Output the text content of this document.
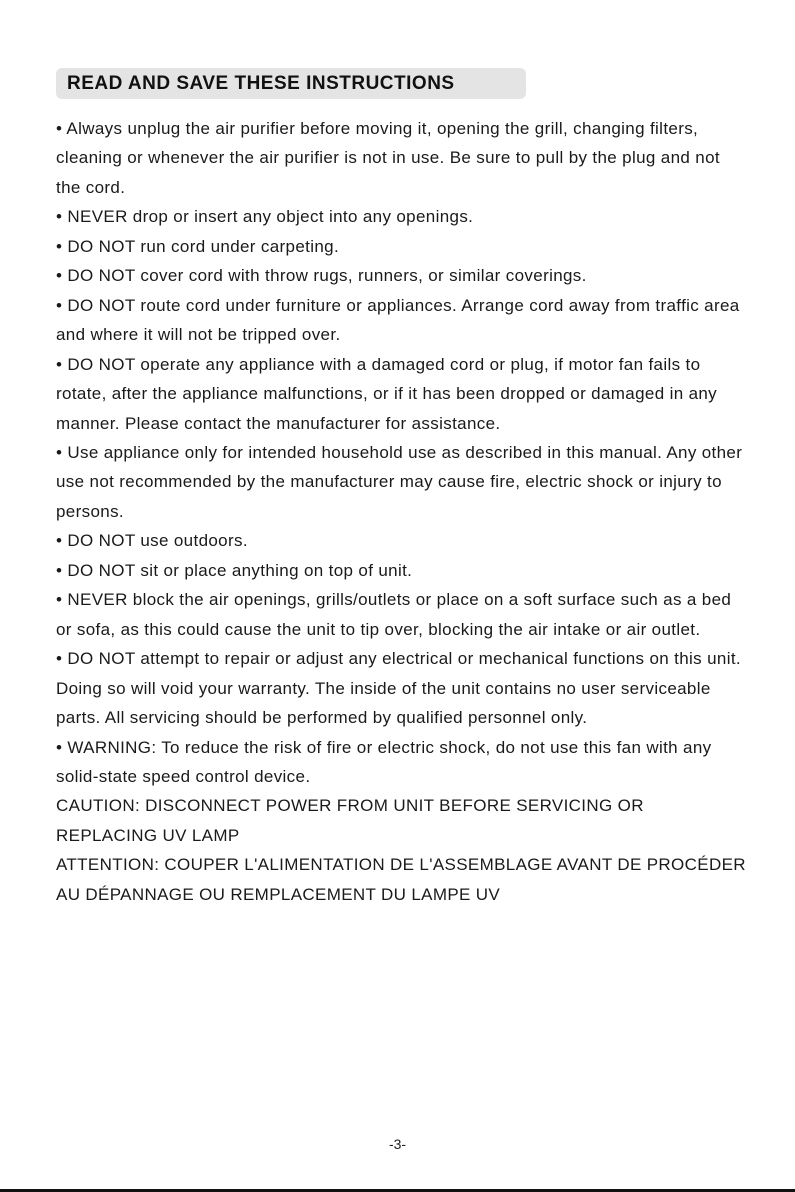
READ AND SAVE THESE INSTRUCTIONS

• Always unplug the air purifier before moving it, opening the grill, changing filters, cleaning or whenever the air purifier is not in use. Be sure to pull by the plug and not the cord.

• NEVER drop or insert any object into any openings.

• DO NOT run cord under carpeting.

• DO NOT cover cord with throw rugs, runners, or similar coverings.

• DO NOT route cord under furniture or appliances. Arrange cord away from traffic area and where it will not be tripped over.

• DO NOT operate any appliance with a damaged cord or plug, if motor fan fails to rotate, after the appliance malfunctions, or if it has been dropped or damaged in any manner. Please contact the manufacturer for assistance.

• Use appliance only for intended household use as described in this manual. Any other use not recommended by the manufacturer may cause fire, electric shock or injury to persons.

• DO NOT use outdoors.

• DO NOT sit or place anything on top of unit.

• NEVER block the air openings, grills/outlets or place on a soft surface such as a bed or sofa, as this could cause the unit to tip over, blocking the air intake or air outlet.

• DO NOT attempt to repair or adjust any electrical or mechanical functions on this unit. Doing so will void your warranty. The inside of the unit contains no user serviceable parts. All servicing should be performed by qualified personnel only.

• WARNING: To reduce the risk of fire or electric shock, do not use this fan with any solid-state speed control device.

CAUTION: DISCONNECT POWER FROM UNIT BEFORE SERVICING OR REPLACING UV LAMP

ATTENTION: COUPER L'ALIMENTATION DE L'ASSEMBLAGE AVANT DE PROCÉDER AU DÉPANNAGE OU REMPLACEMENT DU LAMPE UV

-3-
